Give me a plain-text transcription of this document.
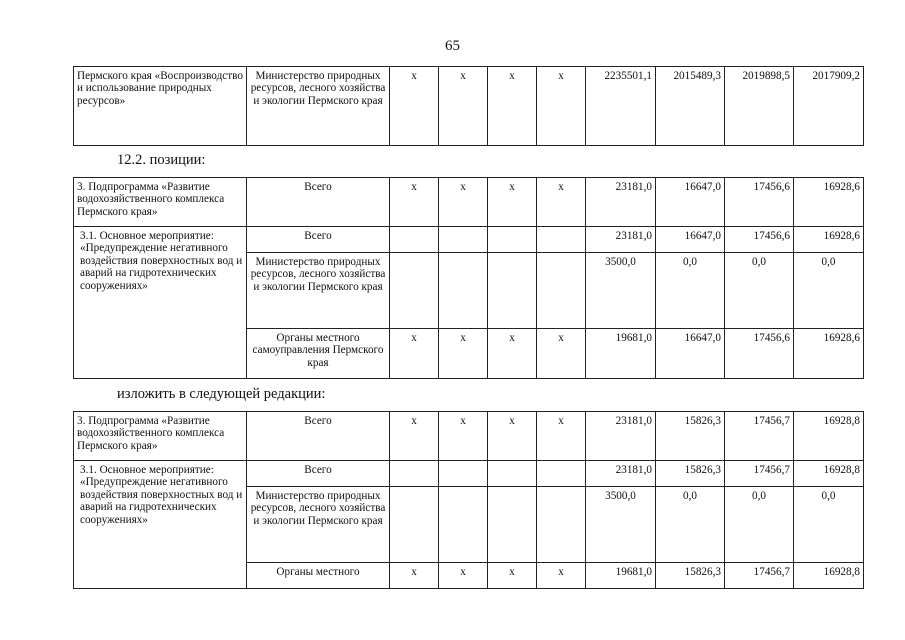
65
Пермского края «Воспроизводство и использование природных ресурсов»	Министерство природных ресурсов, лесного хозяйства и экологии Пермского края	x	x	x	x	2235501,1	2015489,3	2019898,5	2017909,2
12.2. позиции:
3. Подпрограмма «Развитие водохозяйственного комплекса Пермского края»	Всего	x	x	x	x	23181,0	16647,0	17456,6	16928,6
3.1. Основное мероприятие: «Предупреждение негативного воздействия поверхностных вод и аварий на гидротехнических сооружениях»	Всего					23181,0	16647,0	17456,6	16928,6
	Министерство природных ресурсов, лесного хозяйства и экологии Пермского края					3500,0	0,0	0,0	0,0
	Органы местного самоуправления Пермского края	x	x	x	x	19681,0	16647,0	17456,6	16928,6
изложить в следующей редакции:
3. Подпрограмма «Развитие водохозяйственного комплекса Пермского края»	Всего	x	x	x	x	23181,0	15826,3	17456,7	16928,8
3.1. Основное мероприятие: «Предупреждение негативного воздействия поверхностных вод и аварий на гидротехнических сооружениях»	Всего					23181,0	15826,3	17456,7	16928,8
	Министерство природных ресурсов, лесного хозяйства и экологии Пермского края					3500,0	0,0	0,0	0,0
	Органы местного	x	x	x	x	19681,0	15826,3	17456,7	16928,8
